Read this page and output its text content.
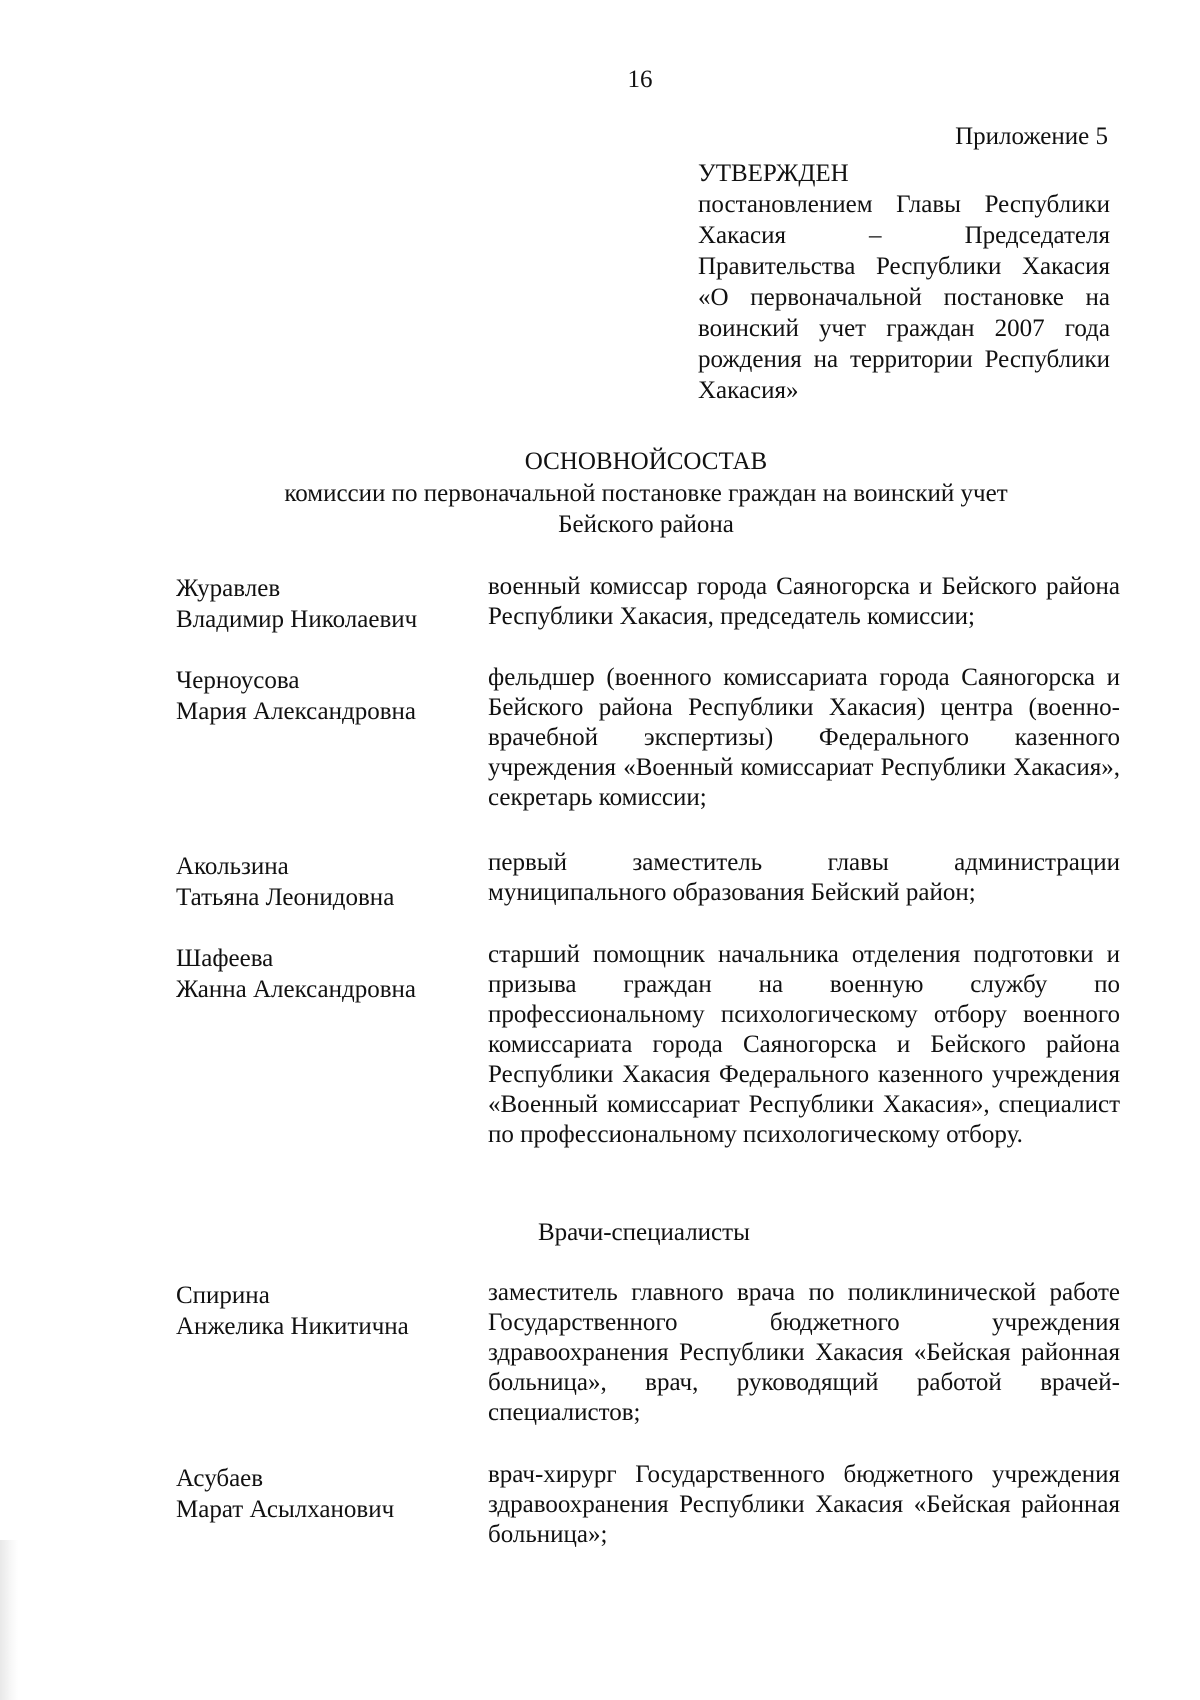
16
Приложение 5
УТВЕРЖДЕН

постановлением Главы Республики Хакасия – Председателя Правительства Республики Хакасия «О первоначальной постановке на воинский учет граждан 2007 года рождения на территории Республики Хакасия»

ОСНОВНОЙСОСТАВ
комиссии по первоначальной постановке граждан на воинский учет
Бейского района
Журавлев
Владимир Николаевич
военный комиссар города Саяногорска и Бейского района Республики Хакасия, председатель комиссии;
Черноусова
Мария Александровна
фельдшер (военного комиссариата города Саяногорска и Бейского района Республики Хакасия) центра (военно-врачебной экспертизы) Федерального казенного учреждения «Военный комиссариат Республики Хакасия», секретарь комиссии;
Акользина
Татьяна Леонидовна
первый заместитель главы администрации муниципального образования Бейский район;
Шафеева
Жанна Александровна
старший помощник начальника отделения подготовки и призыва граждан на военную службу по профессиональному психологическому отбору военного комиссариата города Саяногорска и Бейского района Республики Хакасия Федерального казенного учреждения «Военный комиссариат Республики Хакасия», специалист по профессиональному психологическому отбору.
Врачи-специалисты
Спирина
Анжелика Никитична
заместитель главного врача по поликлинической работе Государственного бюджетного учреждения здравоохранения Республики Хакасия «Бейская районная больница», врач, руководящий работой врачей-специалистов;
Асубаев
Марат Асылханович
врач-хирург Государственного бюджетного учреждения здравоохранения Республики Хакасия «Бейская районная больница»;
